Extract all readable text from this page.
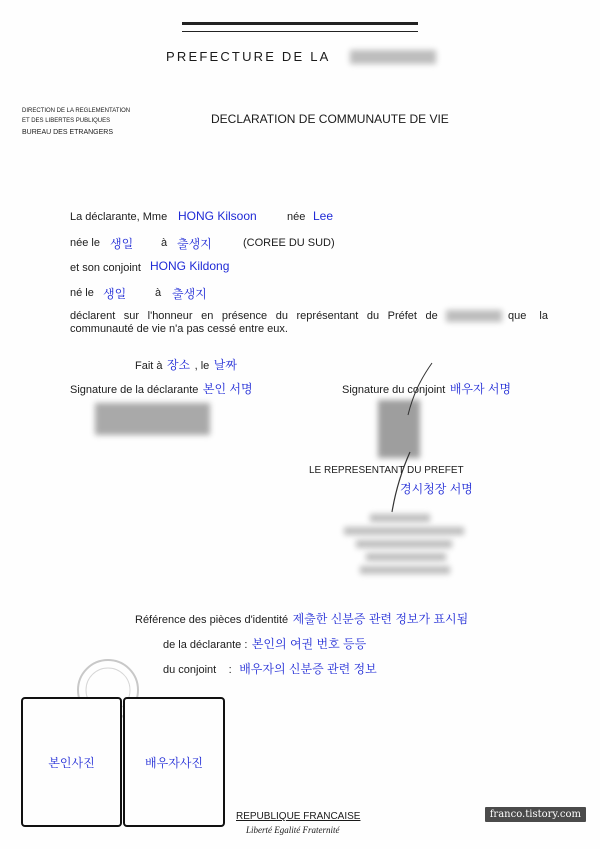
PREFECTURE DE LA
DIRECTION DE LA REGLEMENTATION
ET DES LIBERTES PUBLIQUES
BUREAU DES ETRANGERS
DECLARATION DE COMMUNAUTE DE VIE
La déclarante, Mme HONG Kilsoon	née Lee
née le 생일	à 출생지	(COREE DU SUD)
et son conjoint HONG Kildong
né le 생일	à 출생지
déclarent sur l'honneur en présence du représentant du Préfet de	que la
communauté de vie n'a pas cessé entre eux.
Fait à 장소 , le 날짜
Signature de la déclarante 본인 서명	Signature du conjoint 배우자 서명
LE REPRESENTANT DU PREFET
경시청장 서명
Référence des pièces d'identité 제출한 신분증 관련 정보가 표시됨
de la déclarante : 본인의 여권 번호 등등
du conjoint : 배우자의 신분증 관련 정보
본인사진	배우자사진
REPUBLIQUE FRANCAISE
Liberté Egalité Fraternité
franco.tistory.com
